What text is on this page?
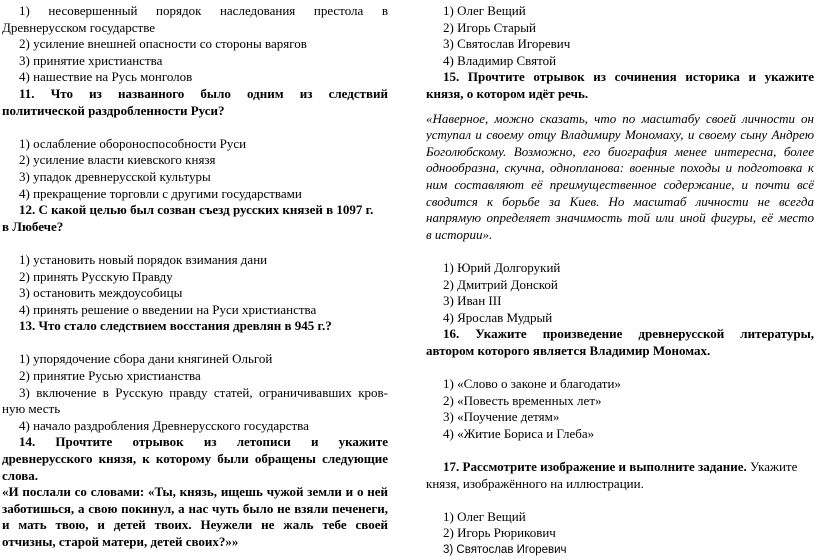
1) несовершенный порядок наследования престола в
Древнерусском государстве
2) усиление внешней опасности со стороны варягов
3) принятие христианства
4) нашествие на Русь монголов
11. Что из названного было одним из следствий
политической раздробленности Руси?
1) ослабление обороноспособности Руси
2) усиление власти киевского князя
3) упадок древнерусской культуры
4) прекращение торговли с другими государствами
12. С какой целью был созван съезд русских князей в 1097 г.
в Любече?
1) установить новый порядок взимания дани
2) принять Русскую Правду
3) остановить междоусобицы
4) принять решение о введении на Руси христианства
13. Что стало следствием восстания древлян в 945 г.?
1) упорядочение сбора дани княгиней Ольгой
2) принятие Русью христианства
3) включение в Русскую правду статей, ограничивавших кров-
ную месть
4) начало раздробления Древнерусского государства
14. Прочтите отрывок из летописи и укажите
древнерусского князя, к которому были обращены следующие
слова.
«И послали со словами: «Ты, князь, ищешь чужой земли и о ней
заботишься, а свою покинул, а нас чуть было не взяли печенеги,
и мать твою, и детей твоих. Неужели не жаль тебе своей
отчизны, старой матери, детей своих?»»
1) Олег Вещий
2) Игорь Старый
3) Святослав Игоревич
4) Владимир Святой
15. Прочтите отрывок из сочинения историка и укажите
князя, о котором идёт речь.
«Наверное, можно сказать, что по масштабу своей личности он
уступал и своему отцу Владимиру Мономаху, и своему сыну Андрею
Боголюбскому. Возможно, его биография менее интересна, более
однообразна, скучна, однопланова: военные походы и подготовка к
ним составляют её преимущественное содержание, и почти всё
сводится к борьбе за Киев. Но масштаб личности не всегда
напрямую определяет значимость той или иной фигуры, её место
в истории».
1) Юрий Долгорукий
2) Дмитрий Донской
3) Иван III
4) Ярослав Мудрый
16. Укажите произведение древнерусской литературы,
автором которого является Владимир Мономах.
1) «Слово о законе и благодати»
2) «Повесть временных лет»
3) «Поучение детям»
4) «Житие Бориса и Глеба»
17. Рассмотрите изображение и выполните задание. Укажите
князя, изображённого на иллюстрации.
1) Олег Вещий
2) Игорь Рюрикович
3) Святослав Игоревич
